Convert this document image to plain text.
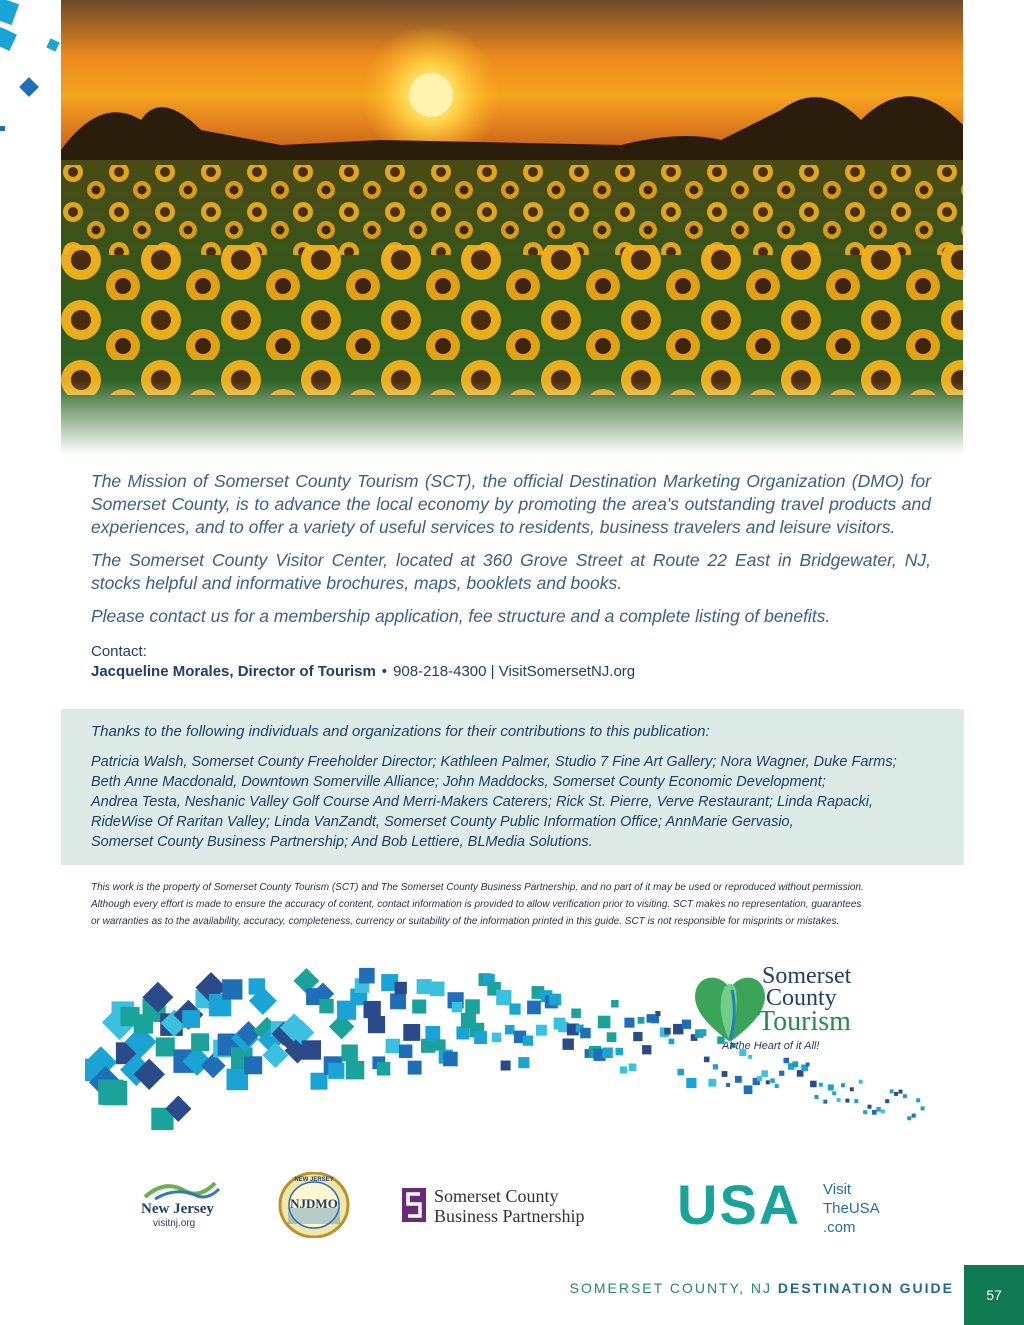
The Mission of Somerset County Tourism (SCT), the official Destination Marketing Organization (DMO) for Somerset County, is to advance the local economy by promoting the area's outstanding travel products and experiences, and to offer a variety of useful services to residents, business travelers and leisure visitors.

The Somerset County Visitor Center, located at 360 Grove Street at Route 22 East in Bridgewater, NJ, stocks helpful and informative brochures, maps, booklets and books.

Please contact us for a membership application, fee structure and a complete listing of benefits.

Contact:
Jacqueline Morales, Director of Tourism • 908-218-4300 | VisitSomersetNJ.org
Thanks to the following individuals and organizations for their contributions to this publication:
Patricia Walsh, Somerset County Freeholder Director; Kathleen Palmer, Studio 7 Fine Art Gallery; Nora Wagner, Duke Farms;
Beth Anne Macdonald, Downtown Somerville Alliance; John Maddocks, Somerset County Economic Development;
Andrea Testa, Neshanic Valley Golf Course And Merri-Makers Caterers; Rick St. Pierre, Verve Restaurant; Linda Rapacki,
RideWise Of Raritan Valley; Linda VanZandt, Somerset County Public Information Office; AnnMarie Gervasio,
Somerset County Business Partnership; And Bob Lettiere, BLMedia Solutions.
This work is the property of Somerset County Tourism (SCT) and The Somerset County Business Partnership, and no part of it may be used or reproduced without permission.
Although every effort is made to ensure the accuracy of content, contact information is provided to allow verification prior to visiting. SCT makes no representation, guarantees
or warranties as to the availability, accuracy, completeness, currency or suitability of the information printed in this guide. SCT is not responsible for misprints or mistakes.
Somerset
County
Tourism
At the Heart of it All!
New Jersey
visitnj.org
NEW JERSEY
NJDMO	Somerset County
Business Partnership USA Visit
TheUSA
.com
SOMERSET COUNTY, NJ DESTINATION GUIDE	57
